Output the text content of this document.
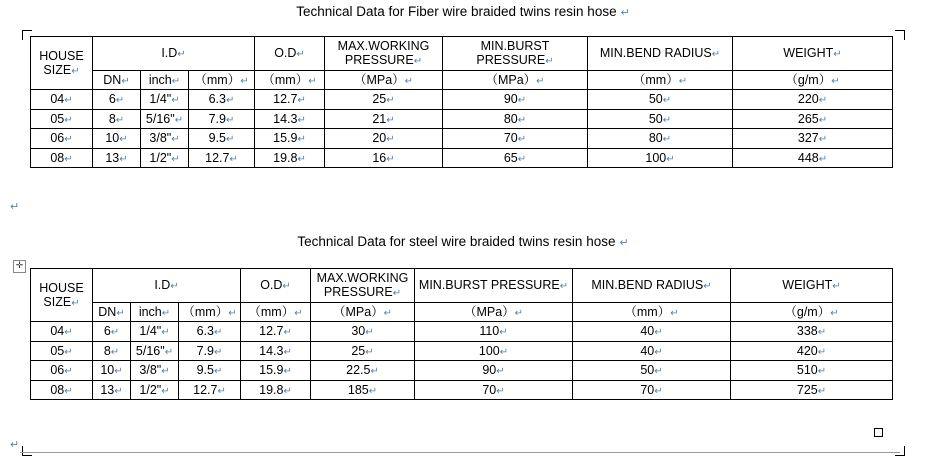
Technical Data for Fiber wire braided twins resin hose ↵
HOUSE SIZE↵	I.D↵			O.D↵	MAX.WORKING PRESSURE↵	MIN.BURST PRESSURE↵	MIN.BEND RADIUS↵	WEIGHT↵
	DN↵	inch↵	（mm）↵	（mm）↵	（MPa）↵	（MPa）↵	（mm）↵	（g/m）↵
04↵	6↵	1/4"↵	6.3↵	12.7↵	25↵	90↵	50↵	220↵
05↵	8↵	5/16"↵	7.9↵	14.3↵	21↵	80↵	50↵	265↵
06↵	10↵	3/8"↵	9.5↵	15.9↵	20↵	70↵	80↵	327↵
08↵	13↵	1/2"↵	12.7↵	19.8↵	16↵	65↵	100↵	448↵
↵
Technical Data for steel wire braided twins resin hose ↵
✛
HOUSE SIZE↵	I.D↵			O.D↵	MAX.WORKING PRESSURE↵	MIN.BURST PRESSURE↵	MIN.BEND RADIUS↵	WEIGHT↵
	DN↵	inch↵	（mm）↵	（mm）↵	（MPa）↵	（MPa）↵	（mm）↵	（g/m）↵
04↵	6↵	1/4"↵	6.3↵	12.7↵	30↵	110↵	40↵	338↵
05↵	8↵	5/16"↵	7.9↵	14.3↵	25↵	100↵	40↵	420↵
06↵	10↵	3/8"↵	9.5↵	15.9↵	22.5↵	90↵	50↵	510↵
08↵	13↵	1/2"↵	12.7↵	19.8↵	185↵	70↵	70↵	725↵
↵
